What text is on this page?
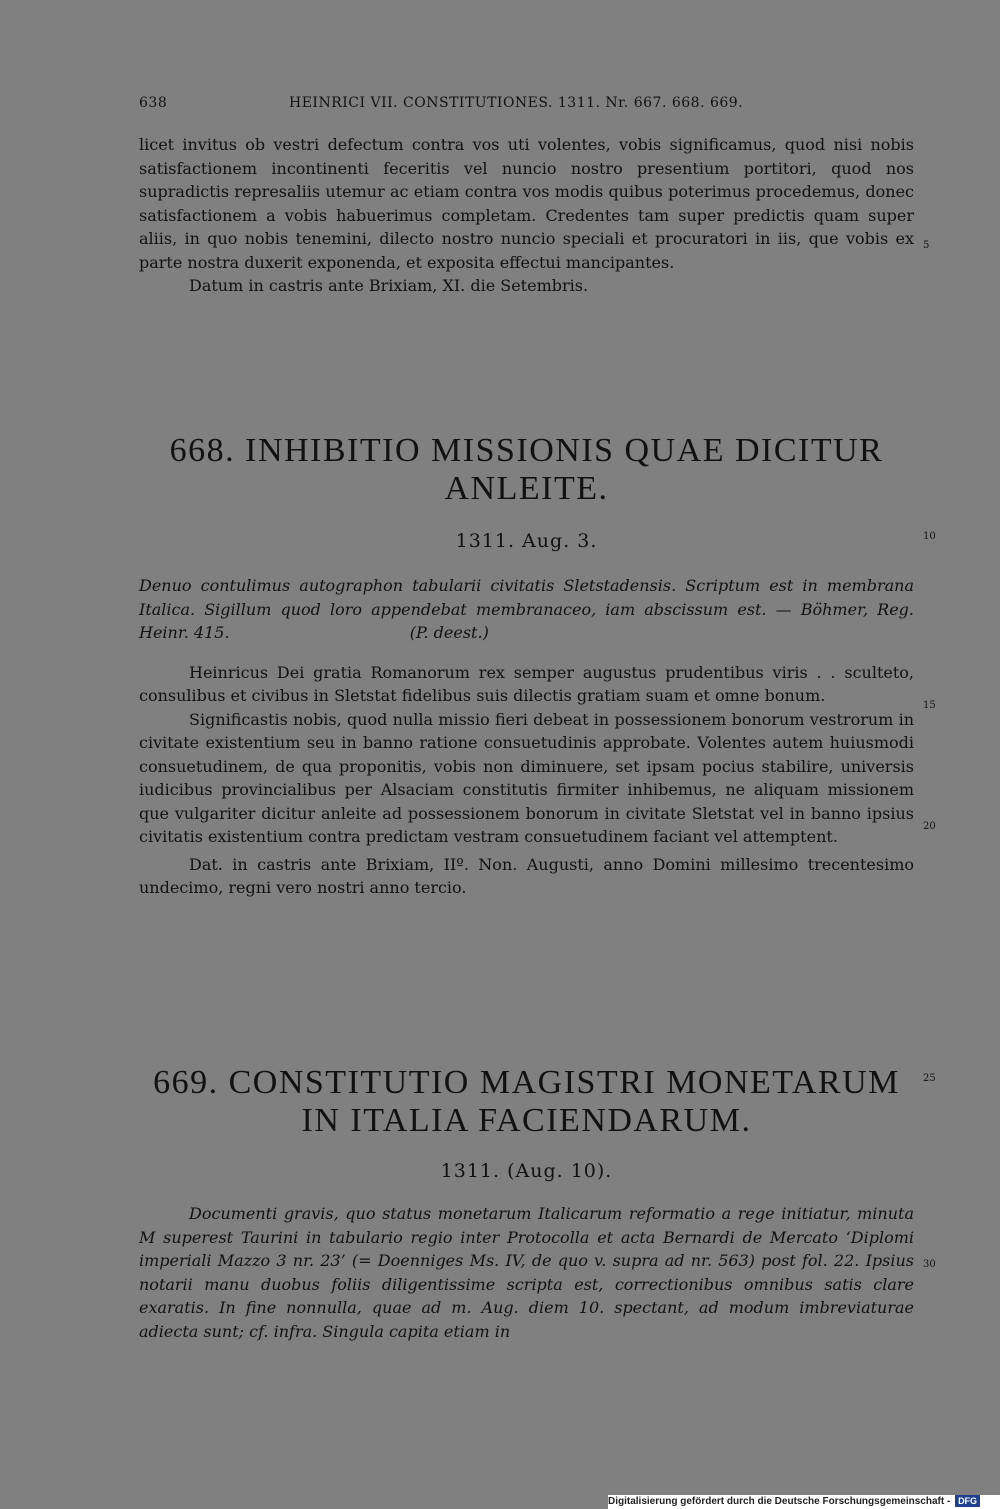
638	HEINRICI VII. CONSTITUTIONES. 1311. Nr. 667. 668. 669.

licet invitus ob vestri defectum contra vos uti volentes, vobis significamus, quod nisi nobis satisfactionem incontinenti feceritis vel nuncio nostro presentium portitori, quod nos supradictis represaliis utemur ac etiam contra vos modis quibus poterimus procedemus, donec satisfactionem a vobis habuerimus completam. Credentes tam super predictis quam super aliis, in quo nobis tenemini, dilecto nostro nuncio speciali et procuratori in iis, que vobis ex parte nostra duxerit exponenda, et exposita effectui mancipantes.

Datum in castris ante Brixiam, XI. die Setembris.

668. INHIBITIO MISSIONIS QUAE DICITUR ANLEITE.
1311. Aug. 3.

Denuo contulimus autographon tabularii civitatis Sletstadensis. Scriptum est in membrana Italica. Sigillum quod loro appendebat membranaceo, iam abscissum est. — Böhmer, Reg. Heinr. 415.	(P. deest.)

Heinricus Dei gratia Romanorum rex semper augustus prudentibus viris . . sculteto, consulibus et civibus in Sletstat fidelibus suis dilectis gratiam suam et omne bonum.

Significastis nobis, quod nulla missio fieri debeat in possessionem bonorum vestrorum in civitate existentium seu in banno ratione consuetudinis approbate. Volentes autem huiusmodi consuetudinem, de qua proponitis, vobis non diminuere, set ipsam pocius stabilire, universis iudicibus provincialibus per Alsaciam constitutis firmiter inhibemus, ne aliquam missionem que vulgariter dicitur anleite ad possessionem bonorum in civitate Sletstat vel in banno ipsius civitatis existentium contra predictam vestram consuetudinem faciant vel attemptent.

Dat. in castris ante Brixiam, IIº. Non. Augusti, anno Domini millesimo trecentesimo undecimo, regni vero nostri anno tercio.

669. CONSTITUTIO MAGISTRI MONETARUM IN ITALIA FACIENDARUM.
1311. (Aug. 10).

Documenti gravis, quo status monetarum Italicarum reformatio a rege initiatur, minuta M superest Taurini in tabulario regio inter Protocolla et acta Bernardi de Mercato ‘Diplomi imperiali Mazzo 3 nr. 23’ (= Doenniges Ms. IV, de quo v. supra ad nr. 563) post fol. 22. Ipsius notarii manu duobus foliis diligentissime scripta est, correctionibus omnibus satis clare exaratis. In fine nonnulla, quae ad m. Aug. diem 10. spectant, ad modum imbreviaturae adiecta sunt; cf. infra. Singula capita etiam in

5
10
15
20
25
30
Digitalisierung gefördert durch die Deutsche Forschungsgemeinschaft - DFG
